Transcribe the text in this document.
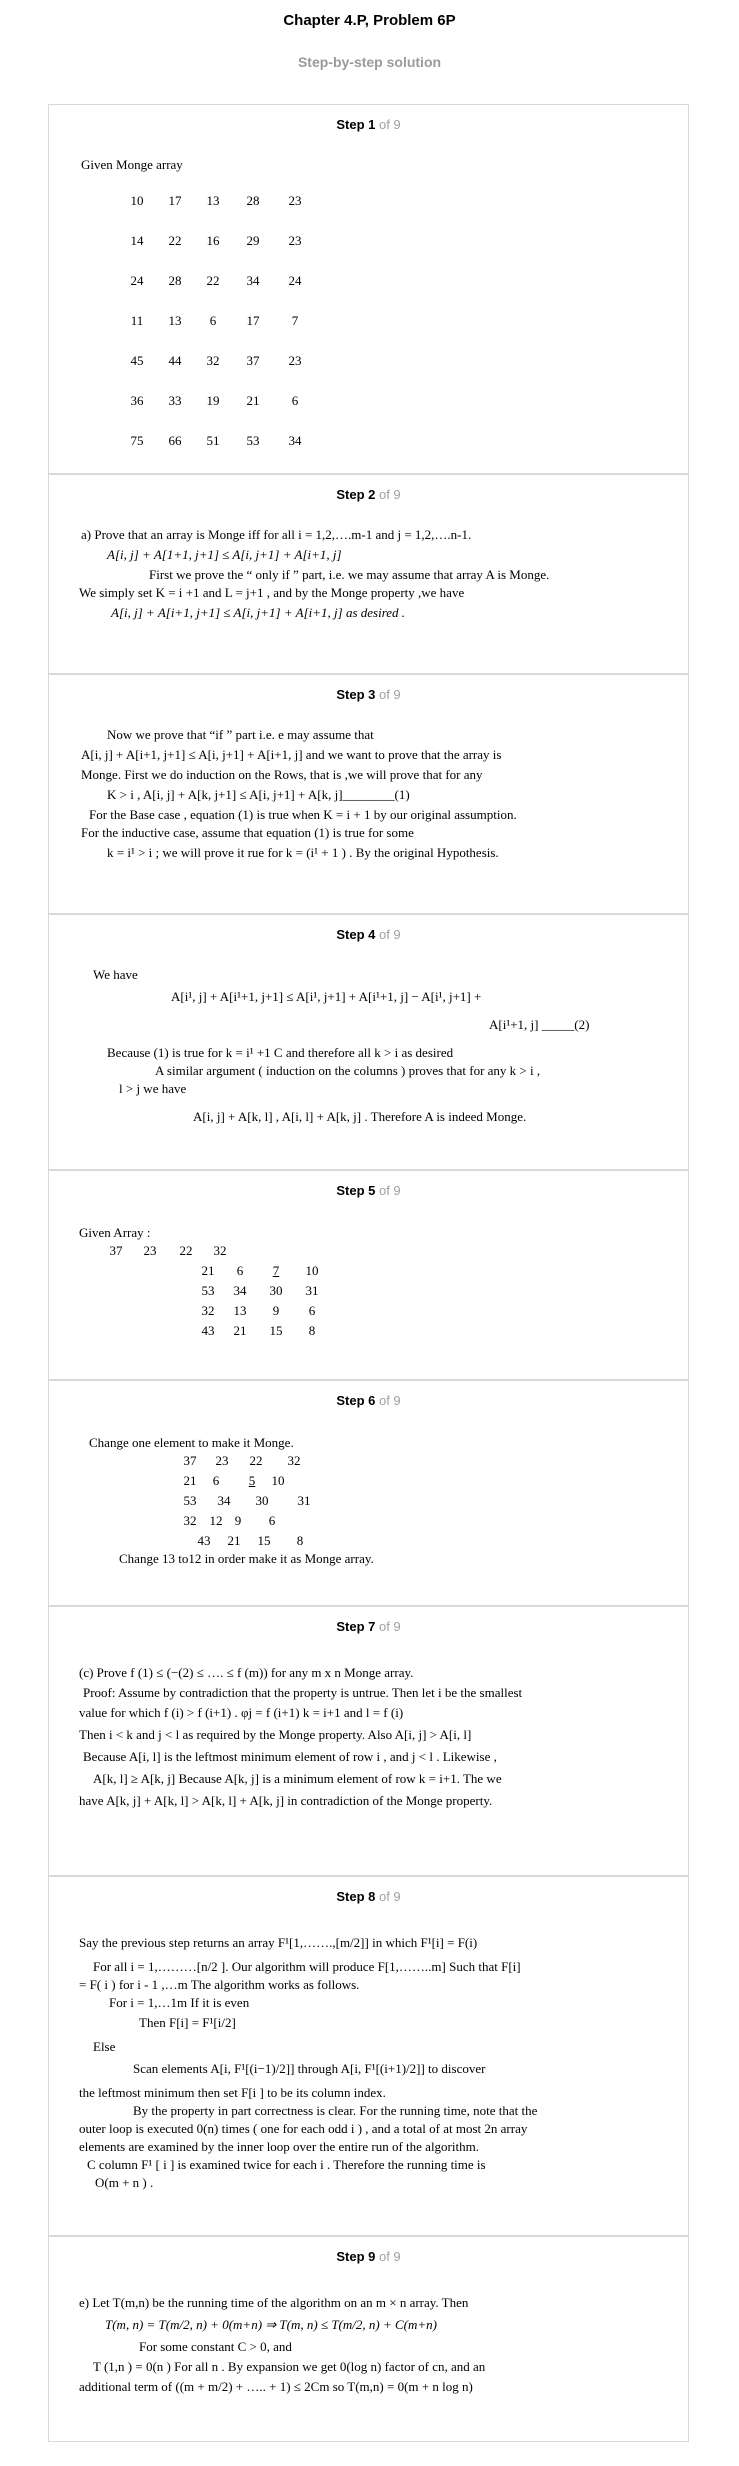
Chapter 4.P, Problem 6P
Step-by-step solution
Step 1 of 9
Given Monge array
10	17	13	28	23
14	22	16	29	23
24	28	22	34	24
11	13	6	17	7
45	44	32	37	23
36	33	19	21	6
75	66	51	53	34
Step 2 of 9
a) Prove that an array is Monge iff for all i = 1,2,….m-1 and j = 1,2,….n-1.
A[i, j] + A[1+1, j+1] ≤ A[i, j+1] + A[i+1, j]
First we prove the “ only if ” part, i.e. we may assume that array A is Monge.
We simply set K = i +1 and L = j+1 , and by the Monge property ,we have
A[i, j] + A[i+1, j+1] ≤ A[i, j+1] + A[i+1, j] as desired .
Step 3 of 9
Now we prove that “if ” part i.e. e may assume that
A[i, j] + A[i+1, j+1] ≤ A[i, j+1] + A[i+1, j] and we want to prove that the array is
Monge. First we do induction on the Rows, that is ,we will prove that for any
K > i , A[i, j] + A[k, j+1] ≤ A[i, j+1] + A[k, j]________(1)
For the Base case , equation (1) is true when K = i + 1 by our original assumption.
For the inductive case, assume that equation (1) is true for some
k = i¹ > i ; we will prove it rue for k = (i¹ + 1 ) . By the original Hypothesis.
Step 4 of 9
We have
A[i¹, j] + A[i¹+1, j+1] ≤ A[i¹, j+1] + A[i¹+1, j] − A[i¹, j+1] +
A[i¹+1, j] _____(2)
Because (1) is true for k = i¹ +1 C and therefore all k > i as desired
A similar argument ( induction on the columns ) proves that for any k > i ,
l > j we have
A[i, j] + A[k, l] , A[i, l] + A[k, j] . Therefore A is indeed Monge.
Step 5 of 9
Given Array :
37	23	22	32
21	6	7	10
53	34	30	31
32	13	9	6
43	21	15	8
Step 6 of 9
Change one element to make it Monge.
37	23	22	32
21	6	5	10
53	34	30	31
32	12 9	6
43	21	15	8
Change 13 to12 in order make it as Monge array.
Step 7 of 9
(c) Prove f (1) ≤ (−(2) ≤ …. ≤ f (m)) for any m x n Monge array.
Proof: Assume by contradiction that the property is untrue. Then let i be the smallest
value for which f (i) > f (i+1) . φj = f (i+1) k = i+1 and l = f (i)
Then i < k and j < l as required by the Monge property. Also A[i, j] > A[i, l]
Because A[i, l] is the leftmost minimum element of row i , and j < l . Likewise ,
A[k, l] ≥ A[k, j] Because A[k, j] is a minimum element of row k = i+1. The we
have A[k, j] + A[k, l] > A[k, l] + A[k, j] in contradiction of the Monge property.
Step 8 of 9
Say the previous step returns an array F¹[1,…….,[m/2]] in which F¹[i] = F(i)
For all i = 1,………[n/2 ]. Our algorithm will produce F[1,……..m] Such that F[i]
= F( i ) for i - 1 ,…m The algorithm works as follows.
For i = 1,…1m If it is even
Then F[i] = F¹[i/2]
Else
Scan elements A[i, F¹[(i−1)/2]] through A[i, F¹[(i+1)/2]] to discover
the leftmost minimum then set F[i ] to be its column index.
By the property in part correctness is clear. For the running time, note that the
outer loop is executed 0(n) times ( one for each odd i ) , and a total of at most 2n array
elements are examined by the inner loop over the entire run of the algorithm.
C column F¹ [ i ] is examined twice for each i . Therefore the running time is
O(m + n ) .
Step 9 of 9
e) Let T(m,n) be the running time of the algorithm on an m × n array. Then
T(m, n) = T(m/2, n) + 0(m+n) ⇒ T(m, n) ≤ T(m/2, n) + C(m+n)
For some constant C > 0, and
T (1,n ) = 0(n ) For all n . By expansion we get 0(log n) factor of cn, and an
additional term of ((m + m/2) + ….. + 1) ≤ 2Cm so T(m,n) = 0(m + n log n)
